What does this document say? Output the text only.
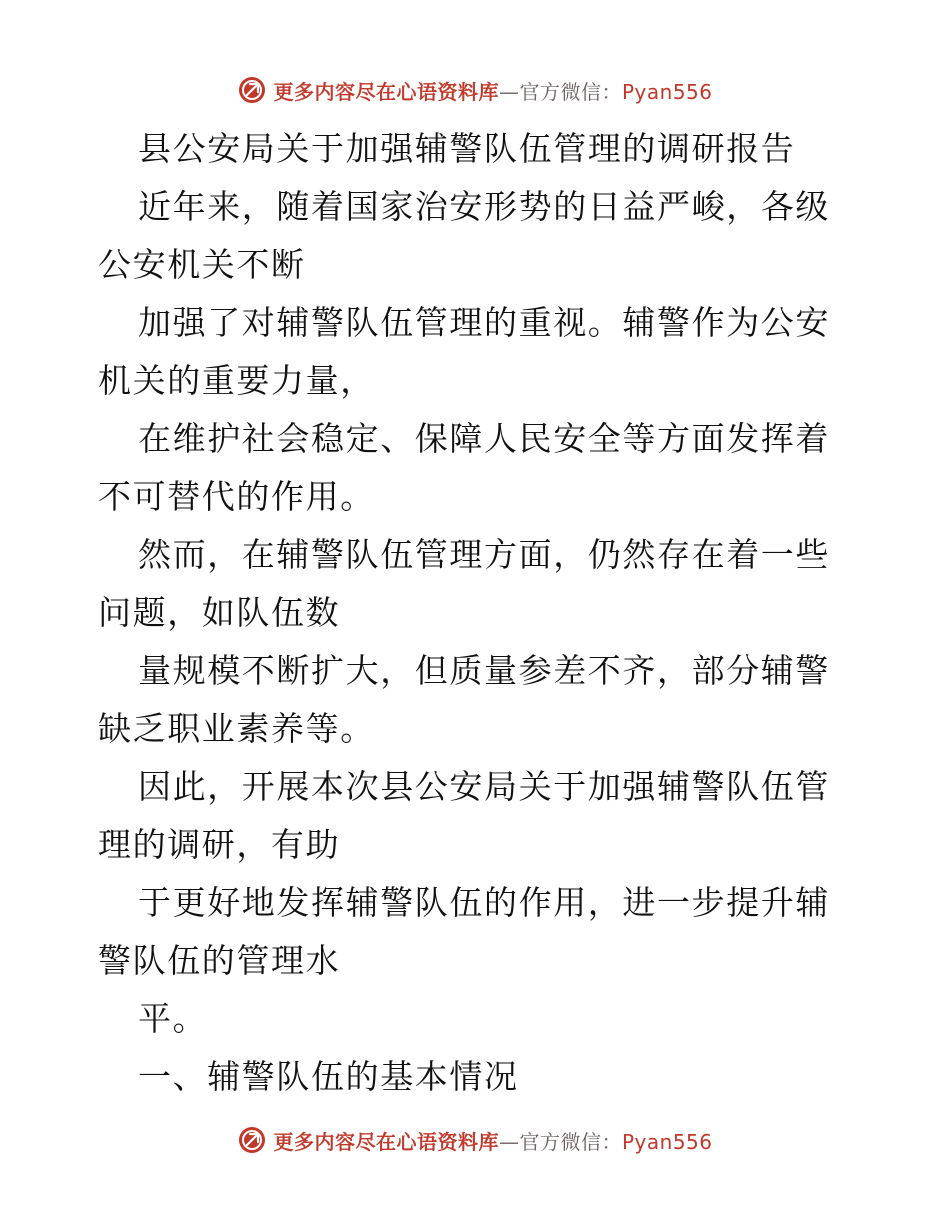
更多内容尽在心语资料库—官方微信：Pyan556

县公安局关于加强辅警队伍管理的调研报告

近年来，随着国家治安形势的日益严峻，各级公安机关不断

加强了对辅警队伍管理的重视。辅警作为公安机关的重要力量，

在维护社会稳定、保障人民安全等方面发挥着不可替代的作用。

然而，在辅警队伍管理方面，仍然存在着一些问题，如队伍数

量规模不断扩大，但质量参差不齐，部分辅警缺乏职业素养等。

因此，开展本次县公安局关于加强辅警队伍管理的调研，有助

于更好地发挥辅警队伍的作用，进一步提升辅警队伍的管理水

平。

一、辅警队伍的基本情况

更多内容尽在心语资料库—官方微信：Pyan556
